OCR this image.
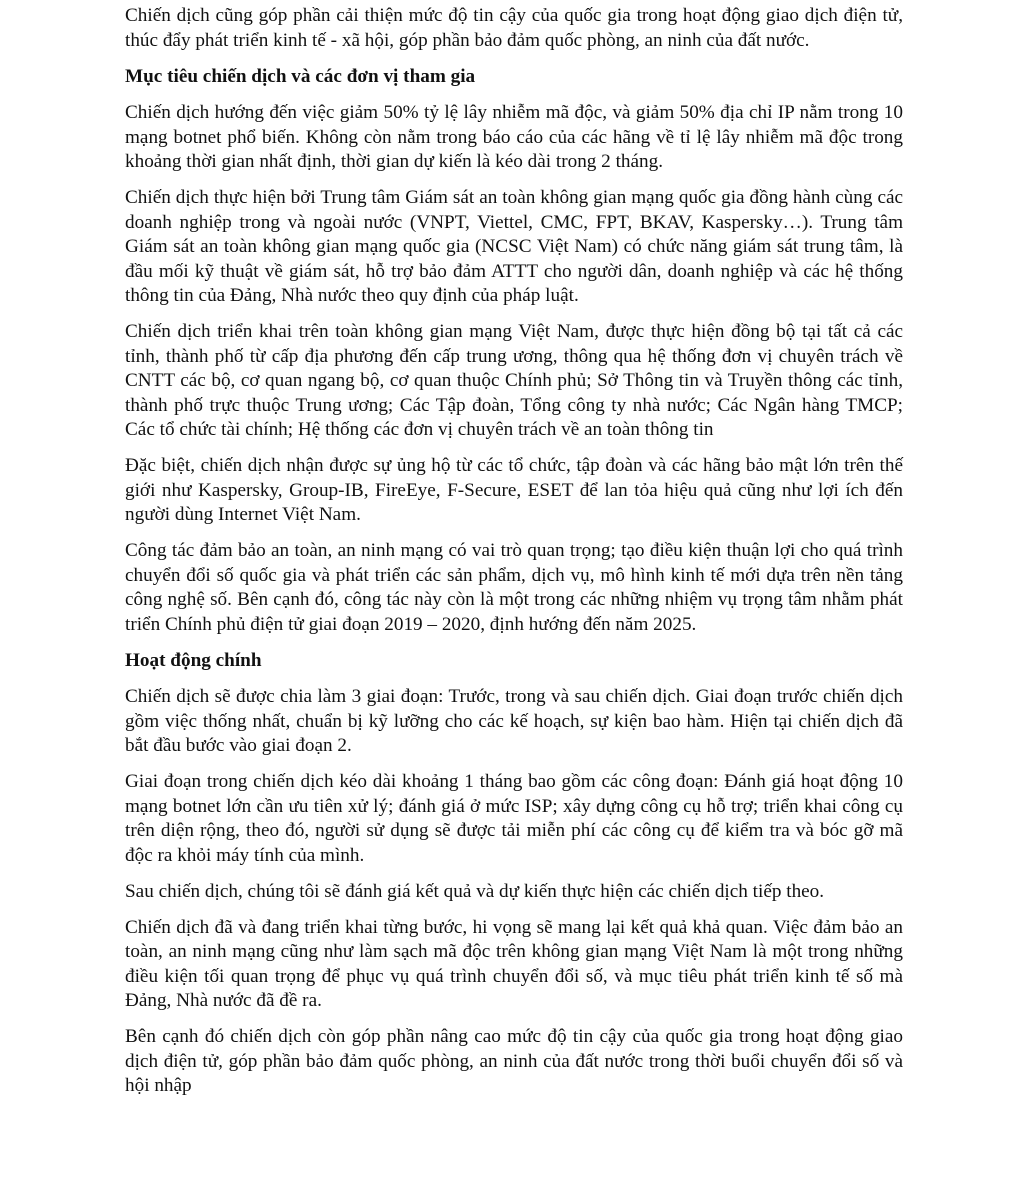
Chiến dịch cũng góp phần cải thiện mức độ tin cậy của quốc gia trong hoạt động giao dịch điện tử, thúc đẩy phát triển kinh tế - xã hội, góp phần bảo đảm quốc phòng, an ninh của đất nước.

Mục tiêu chiến dịch và các đơn vị tham gia

Chiến dịch hướng đến việc giảm 50% tỷ lệ lây nhiễm mã độc, và giảm 50% địa chỉ IP nằm trong 10 mạng botnet phổ biến. Không còn nằm trong báo cáo của các hãng về tỉ lệ lây nhiễm mã độc trong khoảng thời gian nhất định, thời gian dự kiến là kéo dài trong 2 tháng.

Chiến dịch thực hiện bởi Trung tâm Giám sát an toàn không gian mạng quốc gia đồng hành cùng các doanh nghiệp trong và ngoài nước (VNPT, Viettel, CMC, FPT, BKAV, Kaspersky…). Trung tâm Giám sát an toàn không gian mạng quốc gia (NCSC Việt Nam) có chức năng giám sát trung tâm, là đầu mối kỹ thuật về giám sát, hỗ trợ bảo đảm ATTT cho người dân, doanh nghiệp và các hệ thống thông tin của Đảng, Nhà nước theo quy định của pháp luật.

Chiến dịch triển khai trên toàn không gian mạng Việt Nam, được thực hiện đồng bộ tại tất cả các tỉnh, thành phố từ cấp địa phương đến cấp trung ương, thông qua hệ thống đơn vị chuyên trách về CNTT các bộ, cơ quan ngang bộ, cơ quan thuộc Chính phủ; Sở Thông tin và Truyền thông các tỉnh, thành phố trực thuộc Trung ương; Các Tập đoàn, Tổng công ty nhà nước; Các Ngân hàng TMCP; Các tổ chức tài chính; Hệ thống các đơn vị chuyên trách về an toàn thông tin

Đặc biệt, chiến dịch nhận được sự ủng hộ từ các tổ chức, tập đoàn và các hãng bảo mật lớn trên thế giới như Kaspersky, Group-IB, FireEye, F-Secure, ESET để lan tỏa hiệu quả cũng như lợi ích đến người dùng Internet Việt Nam.

Công tác đảm bảo an toàn, an ninh mạng có vai trò quan trọng; tạo điều kiện thuận lợi cho quá trình chuyển đổi số quốc gia và phát triển các sản phẩm, dịch vụ, mô hình kinh tế mới dựa trên nền tảng công nghệ số. Bên cạnh đó, công tác này còn là một trong các những nhiệm vụ trọng tâm nhằm phát triển Chính phủ điện tử giai đoạn 2019 – 2020, định hướng đến năm 2025.

Hoạt động chính

Chiến dịch sẽ được chia làm 3 giai đoạn: Trước, trong và sau chiến dịch. Giai đoạn trước chiến dịch gồm việc thống nhất, chuẩn bị kỹ lưỡng cho các kế hoạch, sự kiện bao hàm. Hiện tại chiến dịch đã bắt đầu bước vào giai đoạn 2.

Giai đoạn trong chiến dịch kéo dài khoảng 1 tháng bao gồm các công đoạn: Đánh giá hoạt động 10 mạng botnet lớn cần ưu tiên xử lý; đánh giá ở mức ISP; xây dựng công cụ hỗ trợ; triển khai công cụ trên diện rộng, theo đó, người sử dụng sẽ được tải miễn phí các công cụ để kiểm tra và bóc gỡ mã độc ra khỏi máy tính của mình.

Sau chiến dịch, chúng tôi sẽ đánh giá kết quả và dự kiến thực hiện các chiến dịch tiếp theo.

Chiến dịch đã và đang triển khai từng bước, hi vọng sẽ mang lại kết quả khả quan. Việc đảm bảo an toàn, an ninh mạng cũng như làm sạch mã độc trên không gian mạng Việt Nam là một trong những điều kiện tối quan trọng để phục vụ quá trình chuyển đổi số, và mục tiêu phát triển kinh tế số mà Đảng, Nhà nước đã đề ra.

Bên cạnh đó chiến dịch còn góp phần nâng cao mức độ tin cậy của quốc gia trong hoạt động giao dịch điện tử, góp phần bảo đảm quốc phòng, an ninh của đất nước trong thời buổi chuyển đổi số và hội nhập
